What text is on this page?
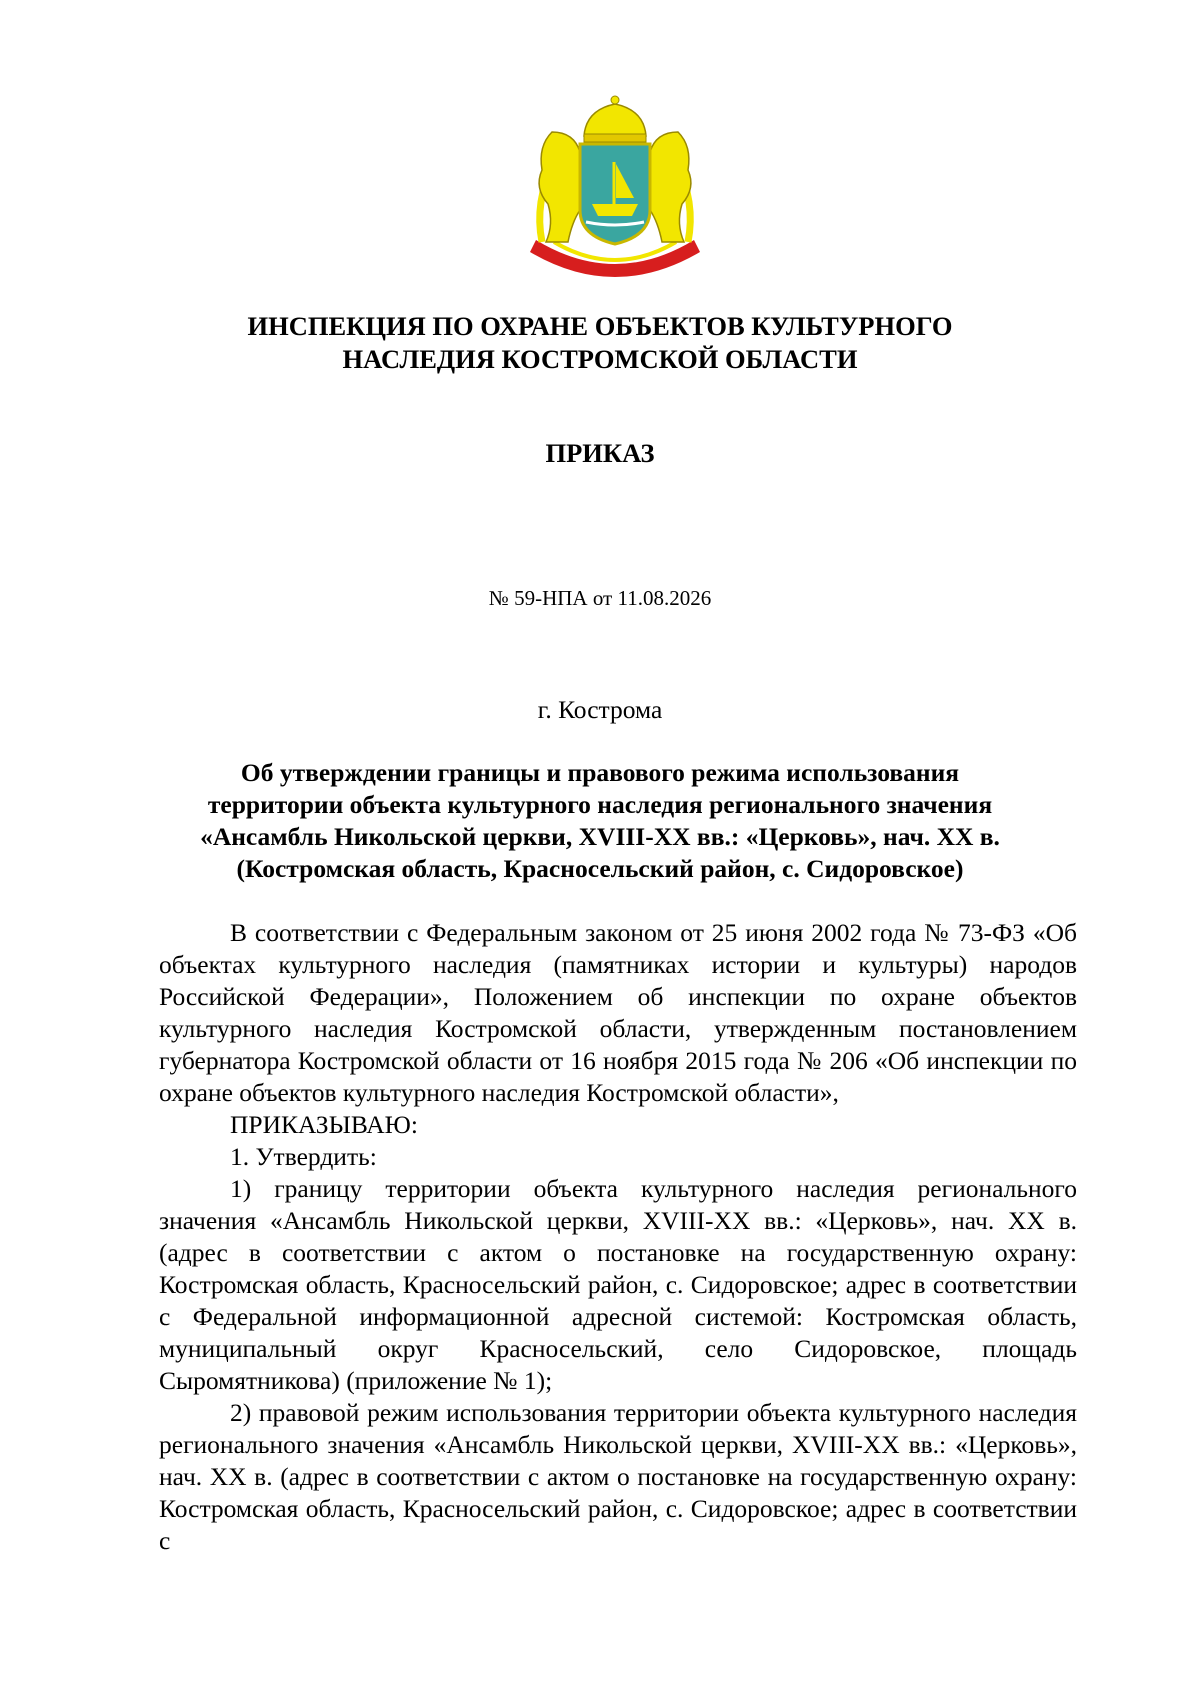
ИНСПЕКЦИЯ ПО ОХРАНЕ ОБЪЕКТОВ КУЛЬТУРНОГО
НАСЛЕДИЯ КОСТРОМСКОЙ ОБЛАСТИ
ПРИКАЗ
№ 59-НПА от 11.08.2026
г. Кострома
Об утверждении границы и правового режима использования
территории объекта культурного наследия регионального значения
«Ансамбль Никольской церкви, XVIII-XX вв.: «Церковь», нач. XX в.
(Костромская область, Красносельский район, с. Сидоровское)

В соответствии с Федеральным законом от 25 июня 2002 года № 73-ФЗ «Об объектах культурного наследия (памятниках истории и культуры) народов Российской Федерации», Положением об инспекции по охране объектов культурного наследия Костромской области, утвержденным постановлением губернатора Костромской области от 16 ноября 2015 года № 206 «Об инспекции по охране объектов культурного наследия Костромской области»,

ПРИКАЗЫВАЮ:

1. Утвердить:

1) границу территории объекта культурного наследия регионального значения «Ансамбль Никольской церкви, XVIII-XX вв.: «Церковь», нач. XX в. (адрес в соответствии с актом о постановке на государственную охрану: Костромская область, Красносельский район, с. Сидоровское; адрес в соответствии с Федеральной информационной адресной системой: Костромская область, муниципальный округ Красносельский, село Сидоровское, площадь Сыромятникова) (приложение № 1);

2) правовой режим использования территории объекта культурного наследия регионального значения «Ансамбль Никольской церкви, XVIII-XX вв.: «Церковь», нач. XX в. (адрес в соответствии с актом о постановке на государственную охрану: Костромская область, Красносельский район, с. Сидоровское; адрес в соответствии с
